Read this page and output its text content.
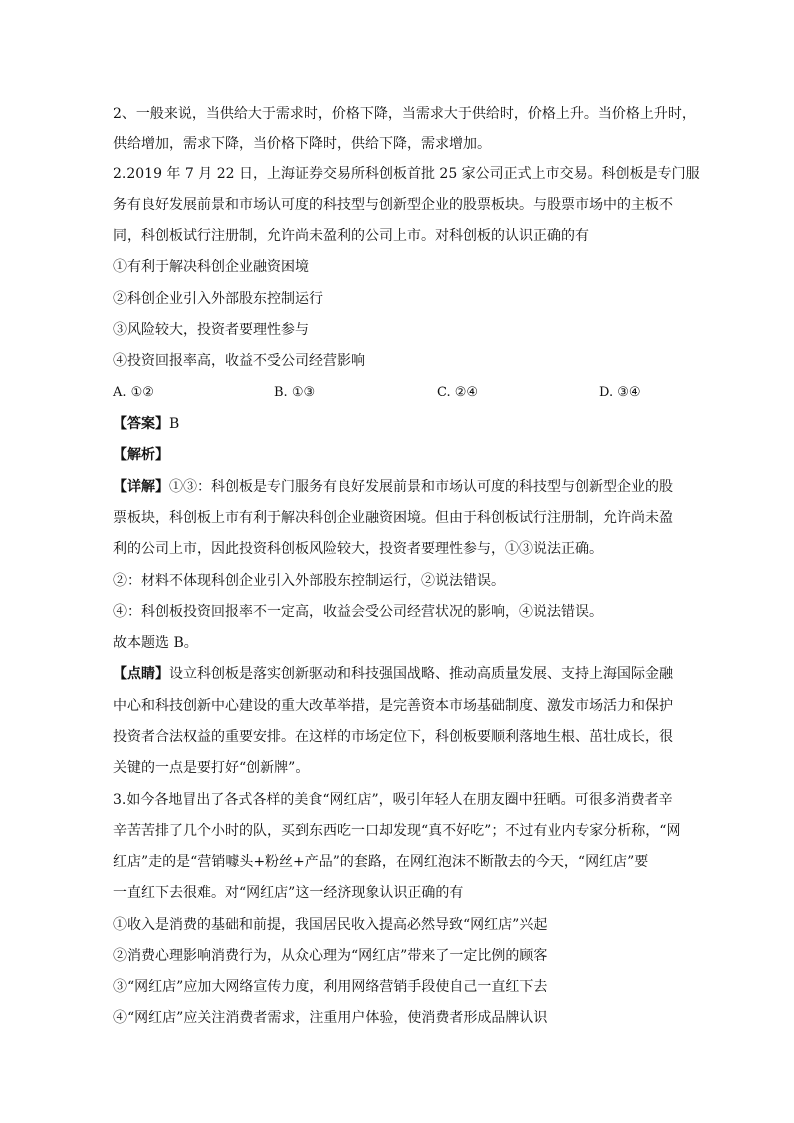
2、一般来说，当供给大于需求时，价格下降，当需求大于供给时，价格上升。当价格上升时，
供给增加，需求下降，当价格下降时，供给下降，需求增加。
2.2019 年 7 月 22 日，上海证券交易所科创板首批 25 家公司正式上市交易。科创板是专门服
务有良好发展前景和市场认可度的科技型与创新型企业的股票板块。与股票市场中的主板不
同，科创板试行注册制，允许尚未盈利的公司上市。对科创板的认识正确的有
①有利于解决科创企业融资困境
②科创企业引入外部股东控制运行
③风险较大，投资者要理性参与
④投资回报率高，收益不受公司经营影响
A. ①②	B. ①③	C. ②④	D. ③④
【答案】B
【解析】
【详解】①③：科创板是专门服务有良好发展前景和市场认可度的科技型与创新型企业的股
票板块，科创板上市有利于解决科创企业融资困境。但由于科创板试行注册制，允许尚未盈
利的公司上市，因此投资科创板风险较大，投资者要理性参与，①③说法正确。
②：材料不体现科创企业引入外部股东控制运行，②说法错误。
④：科创板投资回报率不一定高，收益会受公司经营状况的影响，④说法错误。
故本题选 B。
【点睛】设立科创板是落实创新驱动和科技强国战略、推动高质量发展、支持上海国际金融
中心和科技创新中心建设的重大改革举措，是完善资本市场基础制度、激发市场活力和保护
投资者合法权益的重要安排。在这样的市场定位下，科创板要顺利落地生根、茁壮成长，很
关键的一点是要打好“创新牌”。
3.如今各地冒出了各式各样的美食“网红店”，吸引年轻人在朋友圈中狂晒。可很多消费者辛
辛苦苦排了几个小时的队，买到东西吃一口却发现“真不好吃”；不过有业内专家分析称，“网
红店”走的是“营销噱头+粉丝+产品”的套路，在网红泡沫不断散去的今天，“网红店”要
一直红下去很难。对“网红店”这一经济现象认识正确的有
①收入是消费的基础和前提，我国居民收入提高必然导致“网红店”兴起
②消费心理影响消费行为，从众心理为“网红店”带来了一定比例的顾客
③“网红店”应加大网络宣传力度，利用网络营销手段使自己一直红下去
④“网红店”应关注消费者需求，注重用户体验，使消费者形成品牌认识
